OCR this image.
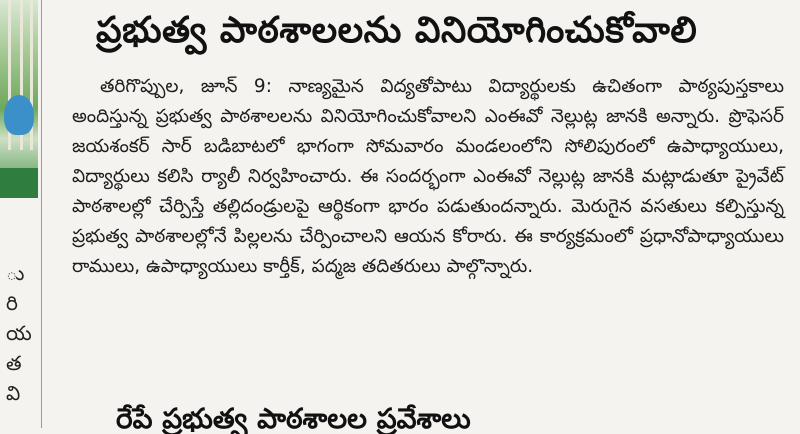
ు
రి
య
త
వి
ప్రభుత్వ పాఠశాలలను వినియోగించుకోవాలి

తరిగొప్పుల, జూన్ 9: నాణ్యమైన విద్యతోపాటు విద్యార్థులకు ఉచితంగా పాఠ్యపుస్తకాలు అందిస్తున్న ప్రభుత్వ పాఠశాలలను వినియోగించుకోవాలని ఎంఈవో నెల్లుట్ల జానకి అన్నారు. ప్రొఫెసర్ జయశంకర్ సార్ బడిబాటలో భాగంగా సోమవారం మండలంలోని సోలిపురంలో ఉపాధ్యాయులు, విద్యార్థులు కలిసి ర్యాలీ నిర్వహించారు. ఈ సందర్భంగా ఎంఈవో నెల్లుట్ల జానకి మట్లాడుతూ ప్రైవేట్ పాఠశాలల్లో చేర్పిస్తే తల్లిదండ్రులపై ఆర్థికంగా భారం పడుతుందన్నారు. మెరుగైన వసతులు కల్పిస్తున్న ప్రభుత్వ పాఠశాలల్లోనే పిల్లలను చేర్పించాలని ఆయన కోరారు. ఈ కార్యక్రమంలో ప్రధానోపాధ్యాయులు రాములు, ఉపాధ్యాయులు కార్తీక్, పద్మజ తదితరులు పాల్గొన్నారు.

రేపే ప్రభుత్వ పాఠశాలల ప్రవేశాలు
